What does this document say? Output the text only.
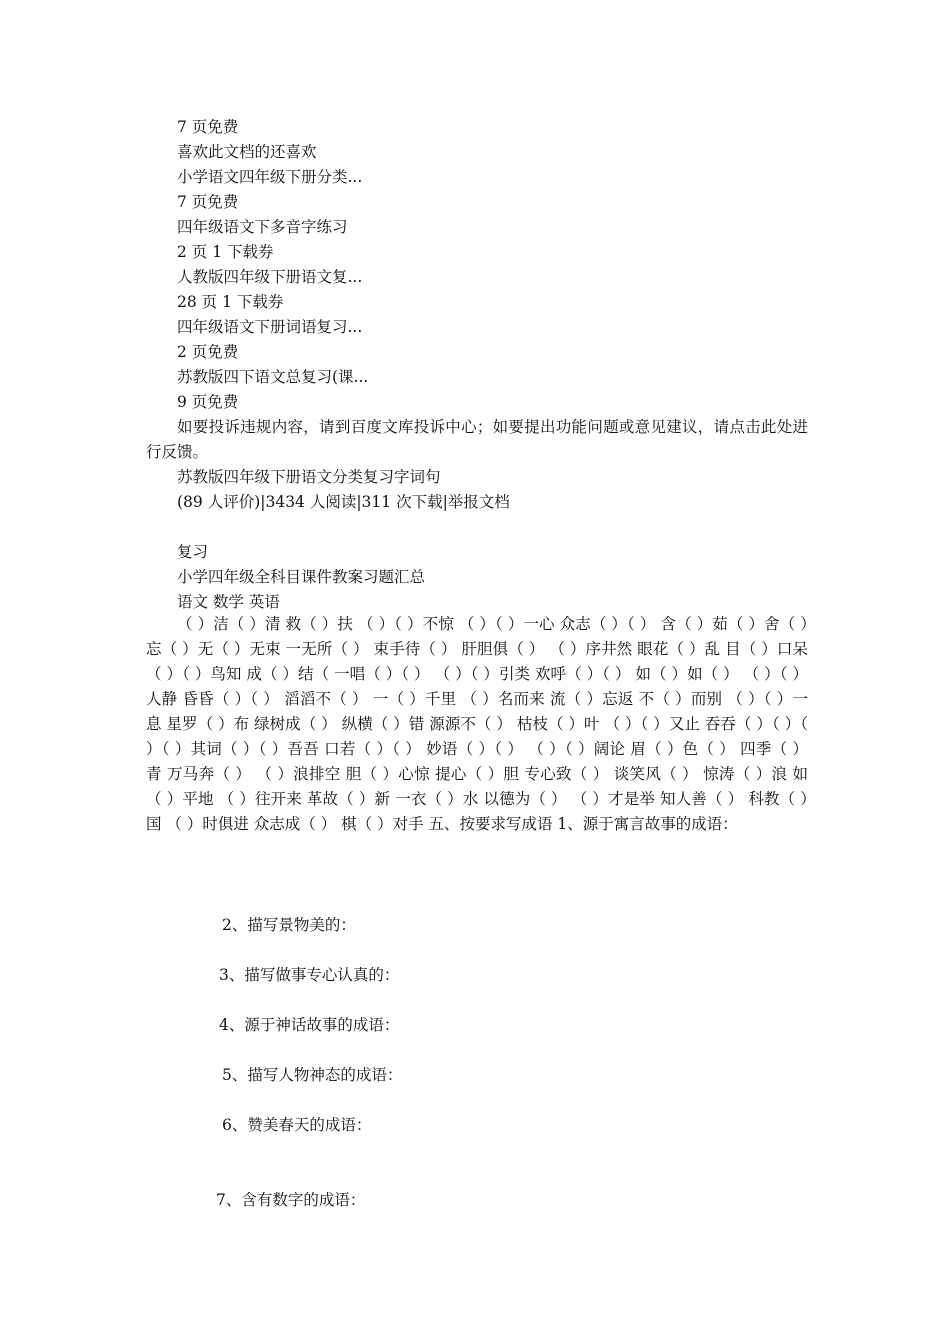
7 页免费
喜欢此文档的还喜欢
小学语文四年级下册分类...
7 页免费
四年级语文下多音字练习
2 页 1 下载券
人教版四年级下册语文复...
28 页 1 下载券
四年级语文下册词语复习...
2 页免费
苏教版四下语文总复习(课...
9 页免费
如要投诉违规内容，请到百度文库投诉中心；如要提出功能问题或意见建议，请点击此处进行反馈。
苏教版四年级下册语文分类复习字词句
(89 人评价)|3434 人阅读|311 次下载|举报文档
复习
小学四年级全科目课件教案习题汇总
语文 数学 英语
（ ）洁（ ）清 救（ ）扶 （ ）（ ）不惊 （ ）（ ）一心 众志（ ）（ ） 含（ ）茹（ ）舍（ ）忘（ ）无（ ）无束 一无所（ ） 束手待（ ） 肝胆俱（ ） （ ）序井然 眼花（ ）乱 目（ ）口呆 （ ）（ ）鸟知 成（ ）结（ 一唱（ ）（ ） （ ）（ ）引类 欢呼（ ）（ ） 如（ ）如（ ） （ ）（ ）人静 昏昏（ ）（ ） 滔滔不（ ） 一（ ）千里 （ ）名而来 流（ ）忘返 不（ ）而别 （ ）（ ）一息 星罗（ ）布 绿树成（ ） 纵横（ ）错 源源不（ ） 枯枝（ ）叶 （ ）（ ）又止 吞吞（ ）（ ）（ ）（ ）其词（ ）（ ）吾吾 口若（ ）（ ） 妙语（ ）（ ） （ ）（ ）阔论 眉（ ）色（ ） 四季（ ）青 万马奔（ ） （ ）浪排空 胆（ ）心惊 提心（ ）胆 专心致（ ） 谈笑风（ ） 惊涛（ ）浪 如（ ）平地 （ ）往开来 革故（ ）新 一衣（ ）水 以德为（ ） （ ）才是举 知人善（ ） 科教（ ）国 （ ）时俱进 众志成（ ） 棋（ ）对手 五、按要求写成语 1、源于寓言故事的成语：
2、描写景物美的：
3、描写做事专心认真的：
4、源于神话故事的成语：
5、描写人物神态的成语：
6、赞美春天的成语：
7、含有数字的成语：
